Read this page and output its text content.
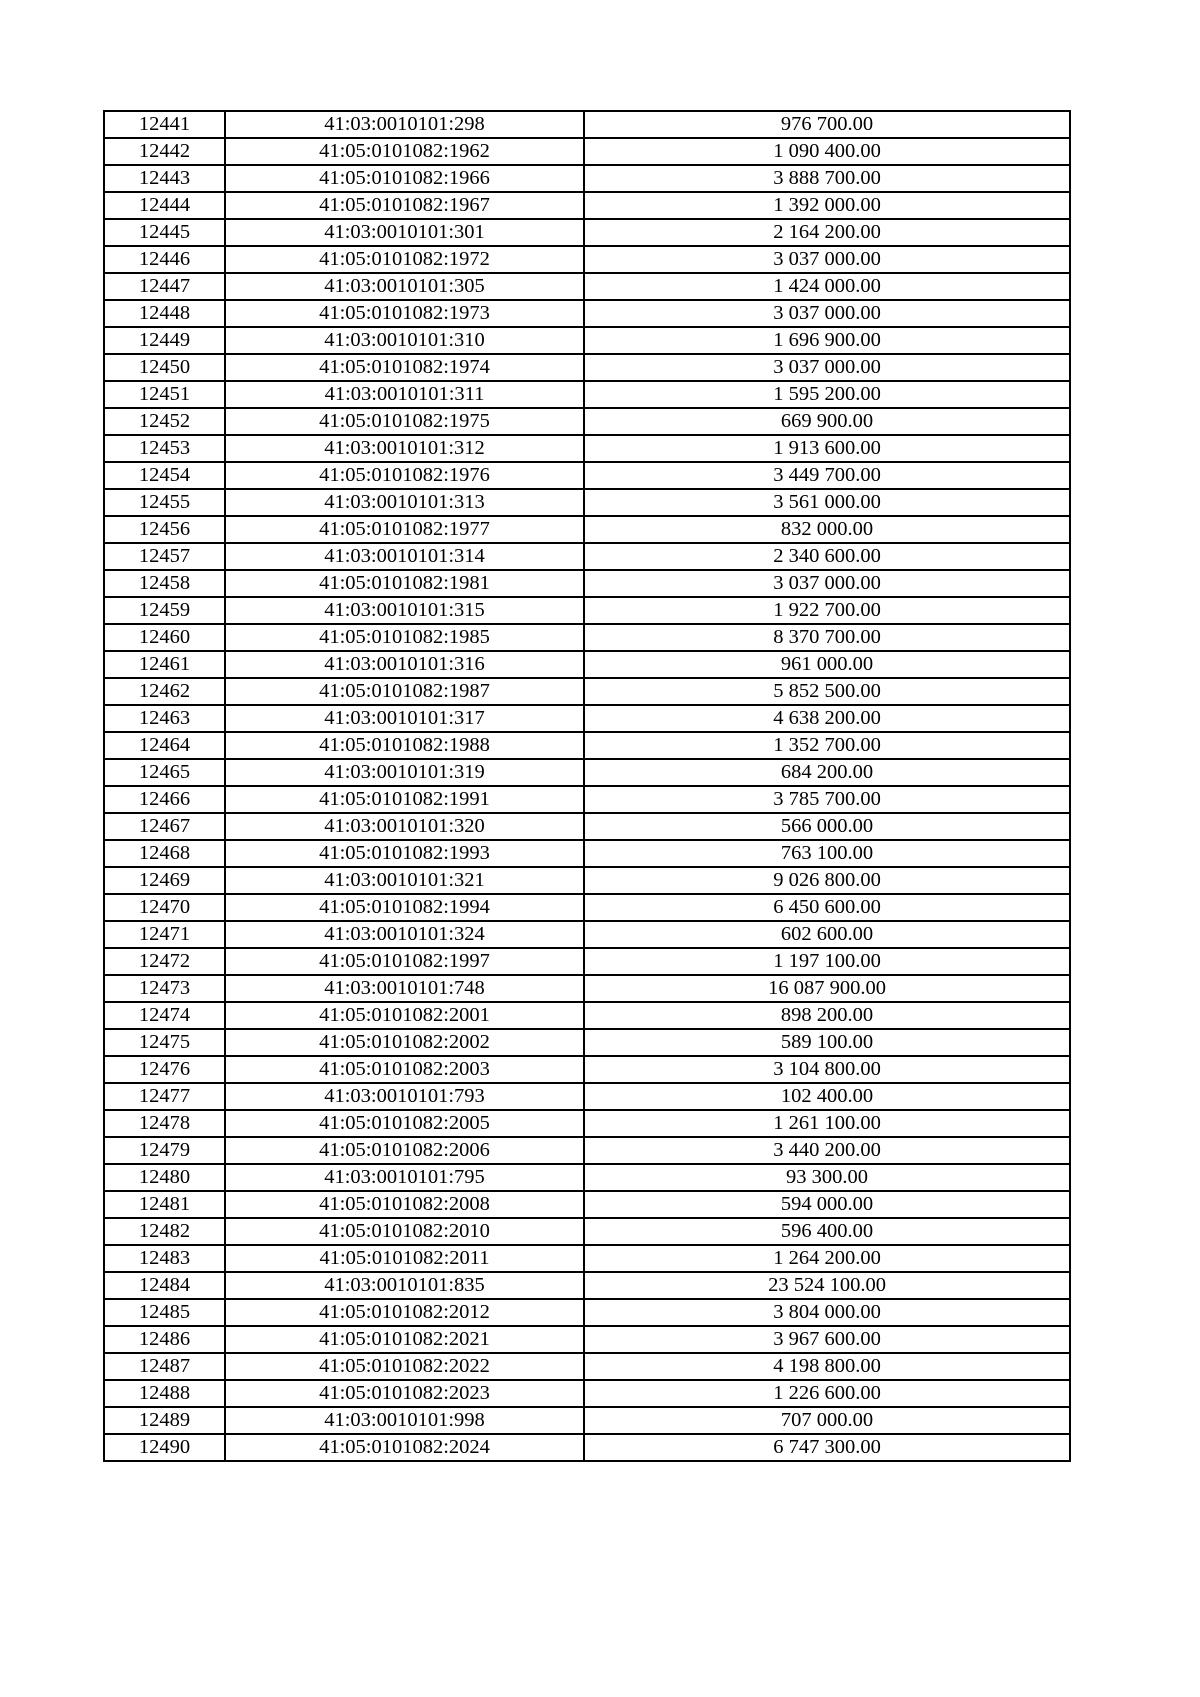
12441	41:03:0010101:298	976 700.00
12442	41:05:0101082:1962	1 090 400.00
12443	41:05:0101082:1966	3 888 700.00
12444	41:05:0101082:1967	1 392 000.00
12445	41:03:0010101:301	2 164 200.00
12446	41:05:0101082:1972	3 037 000.00
12447	41:03:0010101:305	1 424 000.00
12448	41:05:0101082:1973	3 037 000.00
12449	41:03:0010101:310	1 696 900.00
12450	41:05:0101082:1974	3 037 000.00
12451	41:03:0010101:311	1 595 200.00
12452	41:05:0101082:1975	669 900.00
12453	41:03:0010101:312	1 913 600.00
12454	41:05:0101082:1976	3 449 700.00
12455	41:03:0010101:313	3 561 000.00
12456	41:05:0101082:1977	832 000.00
12457	41:03:0010101:314	2 340 600.00
12458	41:05:0101082:1981	3 037 000.00
12459	41:03:0010101:315	1 922 700.00
12460	41:05:0101082:1985	8 370 700.00
12461	41:03:0010101:316	961 000.00
12462	41:05:0101082:1987	5 852 500.00
12463	41:03:0010101:317	4 638 200.00
12464	41:05:0101082:1988	1 352 700.00
12465	41:03:0010101:319	684 200.00
12466	41:05:0101082:1991	3 785 700.00
12467	41:03:0010101:320	566 000.00
12468	41:05:0101082:1993	763 100.00
12469	41:03:0010101:321	9 026 800.00
12470	41:05:0101082:1994	6 450 600.00
12471	41:03:0010101:324	602 600.00
12472	41:05:0101082:1997	1 197 100.00
12473	41:03:0010101:748	16 087 900.00
12474	41:05:0101082:2001	898 200.00
12475	41:05:0101082:2002	589 100.00
12476	41:05:0101082:2003	3 104 800.00
12477	41:03:0010101:793	102 400.00
12478	41:05:0101082:2005	1 261 100.00
12479	41:05:0101082:2006	3 440 200.00
12480	41:03:0010101:795	93 300.00
12481	41:05:0101082:2008	594 000.00
12482	41:05:0101082:2010	596 400.00
12483	41:05:0101082:2011	1 264 200.00
12484	41:03:0010101:835	23 524 100.00
12485	41:05:0101082:2012	3 804 000.00
12486	41:05:0101082:2021	3 967 600.00
12487	41:05:0101082:2022	4 198 800.00
12488	41:05:0101082:2023	1 226 600.00
12489	41:03:0010101:998	707 000.00
12490	41:05:0101082:2024	6 747 300.00
